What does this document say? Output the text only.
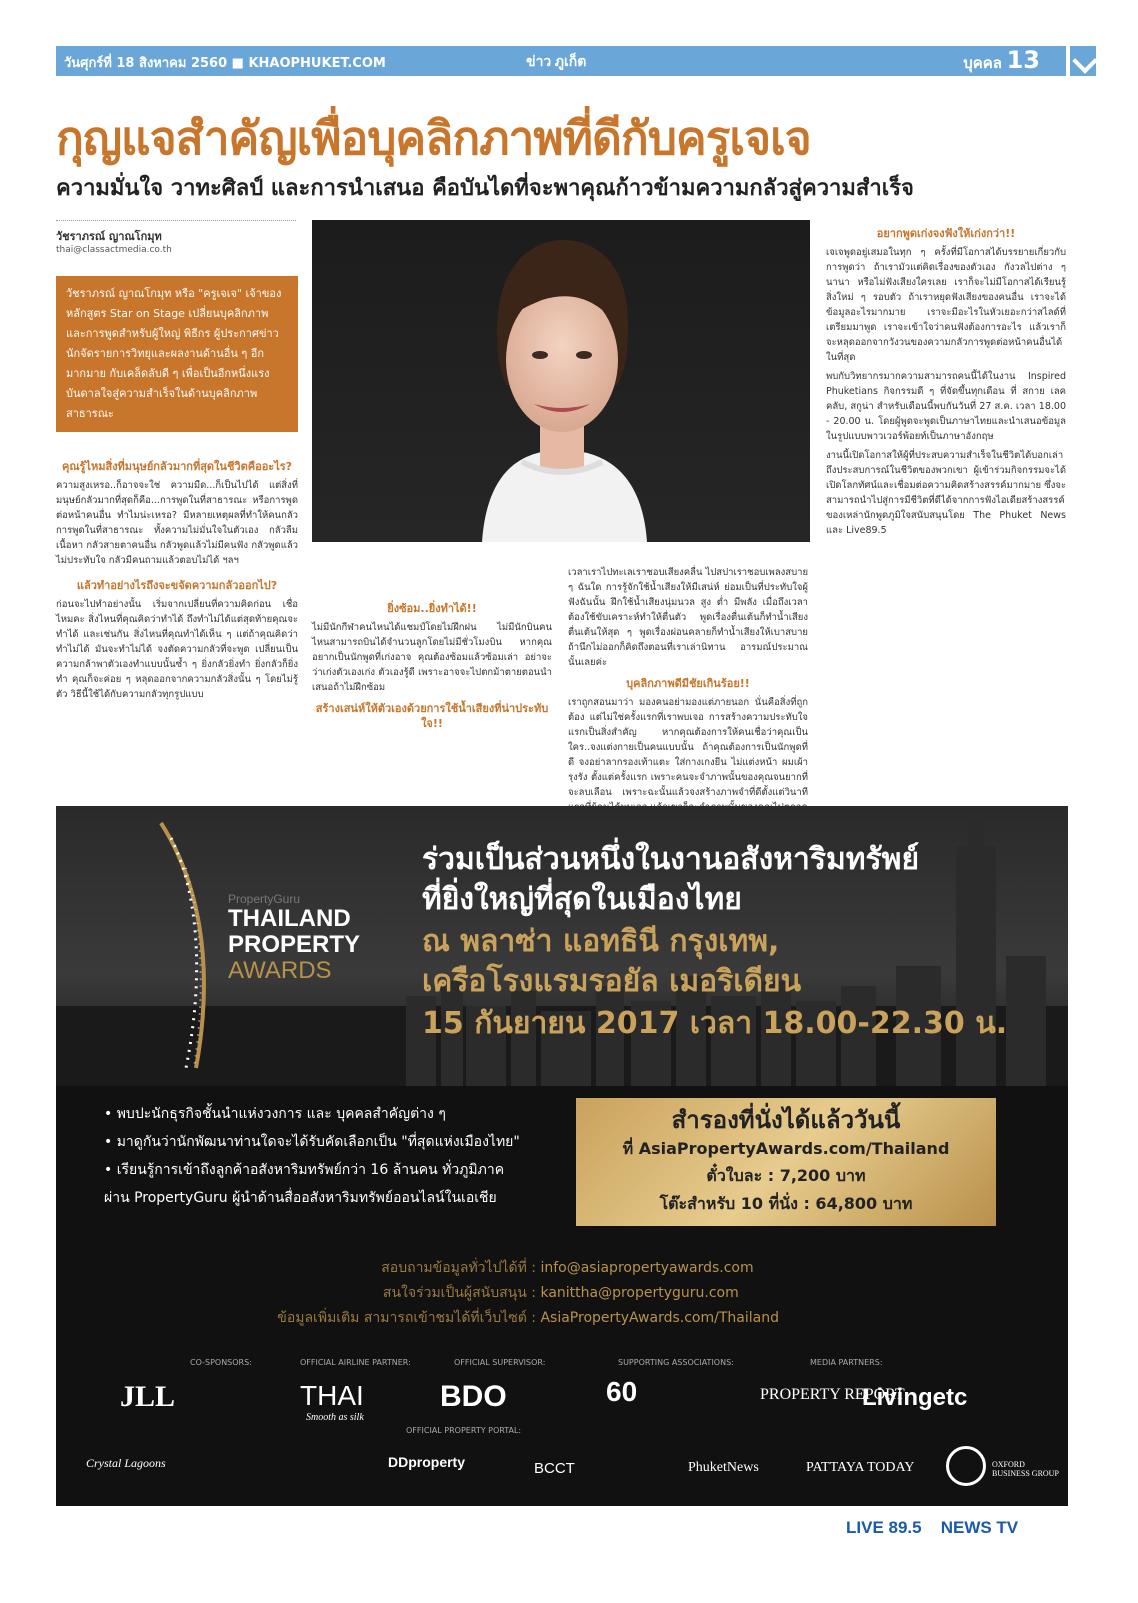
วันศุกร์ที่ 18 สิงหาคม 2560 ■ KHAOPHUKET.COM	ข่าว ภูเก็ต	บุคคล 13
กุญแจสำคัญเพื่อบุคลิกภาพที่ดีกับครูเจเจ
ความมั่นใจ วาทะศิลป์ และการนำเสนอ คือบันไดที่จะพาคุณก้าวข้ามความกลัวสู่ความสำเร็จ
วัชราภรณ์ ญาณโกมุท
thai@classactmedia.co.th
วัชราภรณ์ ญาณโกมุท หรือ "ครูเจเจ" เจ้าของหลักสูตร Star on Stage เปลี่ยนบุคลิกภาพและการพูดสำหรับผู้ใหญ่ พิธีกร ผู้ประกาศข่าว นักจัดรายการวิทยุและผลงานด้านอื่น ๆ อีกมากมาย กับเคล็ดลับดี ๆ เพื่อเป็นอีกหนึ่งแรงบันดาลใจสู่ความสำเร็จในด้านบุคลิกภาพสาธารณะ
คุณรู้ไหมสิ่งที่มนุษย์กลัวมากที่สุดในชีวิตคืออะไร?

ความสูงเหรอ..ก็อาจจะใช่ ความมืด...ก็เป็นไปได้ แต่สิ่งที่มนุษย์กลัวมากที่สุดก็คือ...การพูดในที่สาธารณะ หรือการพูดต่อหน้าคนอื่น ทำไมน่ะเหรอ? มีหลายเหตุผลที่ทำให้คนกลัวการพูดในที่สาธารณะ ทั้งความไม่มั่นใจในตัวเอง กลัวลืมเนื้อหา กลัวสายตาคนอื่น กลัวพูดแล้วไม่มีคนฟัง กลัวพูดแล้วไม่ประทับใจ กลัวมีคนถามแล้วตอบไม่ได้ ฯลฯ

แล้วทำอย่างไรถึงจะขจัดความกลัวออกไป?

ก่อนจะไปทำอย่างนั้น เริ่มจากเปลี่ยนที่ความคิดก่อน เชื่อไหมคะ สิ่งไหนที่คุณคิดว่าทำได้ ถึงทำไม่ได้แต่สุดท้ายคุณจะทำได้ และเช่นกัน สิ่งไหนที่คุณทำได้เห็น ๆ แต่ถ้าคุณคิดว่าทำไม่ได้ มันจะทำไม่ได้ จงตัดความกลัวที่จะพูด เปลี่ยนเป็นความกล้าพาตัวเองทำแบบนั้นซ้ำ ๆ ยิ่งกลัวยิ่งทำ ยิ่งกลัวก็ยิ่งทำ คุณก็จะค่อย ๆ หลุดออกจากความกลัวสิ่งนั้น ๆ โดยไม่รู้ตัว วิธีนี้ใช้ได้กับความกลัวทุกรูปแบบ

ยิ่งซ้อม..ยิ่งทำได้!!

ไม่มีนักกีฬาคนไหนได้แชมป์โดยไม่ฝึกฝน ไม่มีนักบินคนไหนสามารถบินได้จำนวนลูกโดยไม่มีชั่วโมงบิน หากคุณอยากเป็นนักพูดที่เก่งอาจ คุณต้องซ้อมแล้วซ้อมเล่า อย่าจะว่าเก่งตัวเองเก่ง ตัวเองรู้ดี เพราะอาจจะไปตกม้าตายตอนนำเสนอถ้าไม่ฝึกซ้อม

สร้างเสน่ห์ให้ตัวเองด้วยการใช้น้ำเสียงที่น่าประทับใจ!!

เวลาเราไปทะเลเราชอบเสียงคลื่น ไปสปาเราชอบเพลงสบาย ๆ ฉันใด การรู้จักใช้น้ำเสียงให้มีเสน่ห์ ย่อมเป็นที่ประทับใจผู้ฟังฉันนั้น ฝึกใช้น้ำเสียงนุ่มนวล สูง ต่ำ มีพลัง เมื่อถึงเวลาต้องใช้ขับเคราะห์ทำให้ตื่นตัว พูดเรื่องตื่นเต้นก็ทำน้ำเสียงตื่นเต้นให้สุด ๆ พูดเรื่องผ่อนคลายก็ทำน้ำเสียงให้เบาสบาย ถ้านึกไม่ออกก็คิดถึงตอนที่เราเล่านิทาน อารมณ์ประมาณนั้นเลยค่ะ

บุคลิกภาพดีมีชัยเกินร้อย!!

เราถูกสอนมาว่า มองคนอย่ามองแต่ภายนอก นั่นคือสิ่งที่ถูกต้อง แต่ไม่ใช่ครั้งแรกที่เราพบเจอ การสร้างความประทับใจแรกเป็นสิ่งสำคัญ หากคุณต้องการให้คนเชื่อว่าคุณเป็นใคร..จงแต่งกายเป็นคนแบบนั้น ถ้าคุณต้องการเป็นนักพูดที่ดี จงอย่าลากรองเท้าแตะ ใส่กางเกงยีน ไม่แต่งหน้า ผมเผ้ารุงรัง ตั้งแต่ครั้งแรก เพราะคนจะจำภาพนั้นของคุณจนยากที่จะลบเลือน เพราะฉะนั้นแล้วจงสร้างภาพจำที่ดีตั้งแต่วินาที

อยากพูดเก่งจงฟังให้เก่งกว่า!!

เจเจพูดอยู่เสมอในทุก ๆ ครั้งที่มีโอกาสได้บรรยายเกี่ยวกับการพูดว่า ถ้าเรามัวแต่คิดเรื่องของตัวเอง กังวลไปต่าง ๆ นานา หรือไม่ฟังเสียงใครเลย เราก็จะไม่มีโอกาสได้เรียนรู้สิ่งใหม่ ๆ รอบตัว ถ้าเราหยุดฟังเสียงของคนอื่น เราจะได้ข้อมูลอะไรมากมาย เราจะมีอะไรในหัวเยอะกว่าสไลด์ที่เตรียมมาพูด เราจะเข้าใจว่าคนฟังต้องการอะไร แล้วเราก็จะหลุดออกจากวังวนของความกลัวการพูดต่อหน้าคนอื่นได้ในที่สุด

พบกับวิทยากรมากความสามารถคนนี้ได้ในงาน Inspired Phuketians กิจกรรมดี ๆ ที่จัดขึ้นทุกเดือน ที่ สกาย เลค คลับ, สกูน่า สำหรับเดือนนี้พบกันวันที่ 27 ส.ค. เวลา 18.00 - 20.00 น. โดยผู้พูดจะพูดเป็นภาษาไทยและนำเสนอข้อมูลในรูปแบบพาวเวอร์พ้อยท์เป็นภาษาอังกฤษ

งานนี้เปิดโอกาสให้ผู้ที่ประสบความสำเร็จในชีวิตได้บอกเล่าถึงประสบการณ์ในชีวิตของพวกเขา ผู้เข้าร่วมกิจกรรมจะได้เปิดโลกทัศน์และเชื่อมต่อความคิดสร้างสรรค์มากมาย ซึ่งจะสามารถนำไปสู่การมีชีวิตที่ดีได้จากการฟังไอเดียสร้างสรรค์ของเหล่านักพูดภูมิใจสนับสนุนโดย The Phuket News และ Live89.5

PropertyGuru
THAILAND
PROPERTY
AWARDS
ร่วมเป็นส่วนหนึ่งในงานอสังหาริมทรัพย์
ที่ยิ่งใหญ่ที่สุดในเมืองไทย
ณ พลาซ่า แอทธินี กรุงเทพ,
เครือโรงแรมรอยัล เมอริเดียน
15 กันยายน 2017 เวลา 18.00-22.30 น.
• พบปะนักธุรกิจชั้นนำแห่งวงการ และ บุคคลสำคัญต่าง ๆ
• มาดูกันว่านักพัฒนาท่านใดจะได้รับคัดเลือกเป็น "ที่สุดแห่งเมืองไทย"
• เรียนรู้การเข้าถึงลูกค้าอสังหาริมทรัพย์กว่า 16 ล้านคน ทั่วภูมิภาค
ผ่าน PropertyGuru ผู้นำด้านสื่ออสังหาริมทรัพย์ออนไลน์ในเอเชีย
สำรองที่นั่งได้แล้ววันนี้
ที่ AsiaPropertyAwards.com/Thailand
ตั๋วใบละ : 7,200 บาท
โต๊ะสำหรับ 10 ที่นั่ง : 64,800 บาท
สอบถามข้อมูลทั่วไปได้ที่ : info@asiapropertyawards.com
สนใจร่วมเป็นผู้สนับสนุน : kanittha@propertyguru.com
ข้อมูลเพิ่มเติม สามารถเข้าชมได้ที่เว็บไซต์ : AsiaPropertyAwards.com/Thailand
CO-SPONSORS:	OFFICIAL AIRLINE PARTNER:	OFFICIAL SUPERVISOR:	SUPPORTING ASSOCIATIONS:	MEDIA PARTNERS:
OFFICIAL PROPERTY PORTAL:
JLL	THAI
Smooth as silk
BDO	60	PROPERTY REPORT
Livingetc
Crystal Lagoons	DDproperty	BCCT	PhuketNews	PATTAYA TODAY	OXFORD BUSINESS GROUP
LIVE 89.5 NEWS TV
